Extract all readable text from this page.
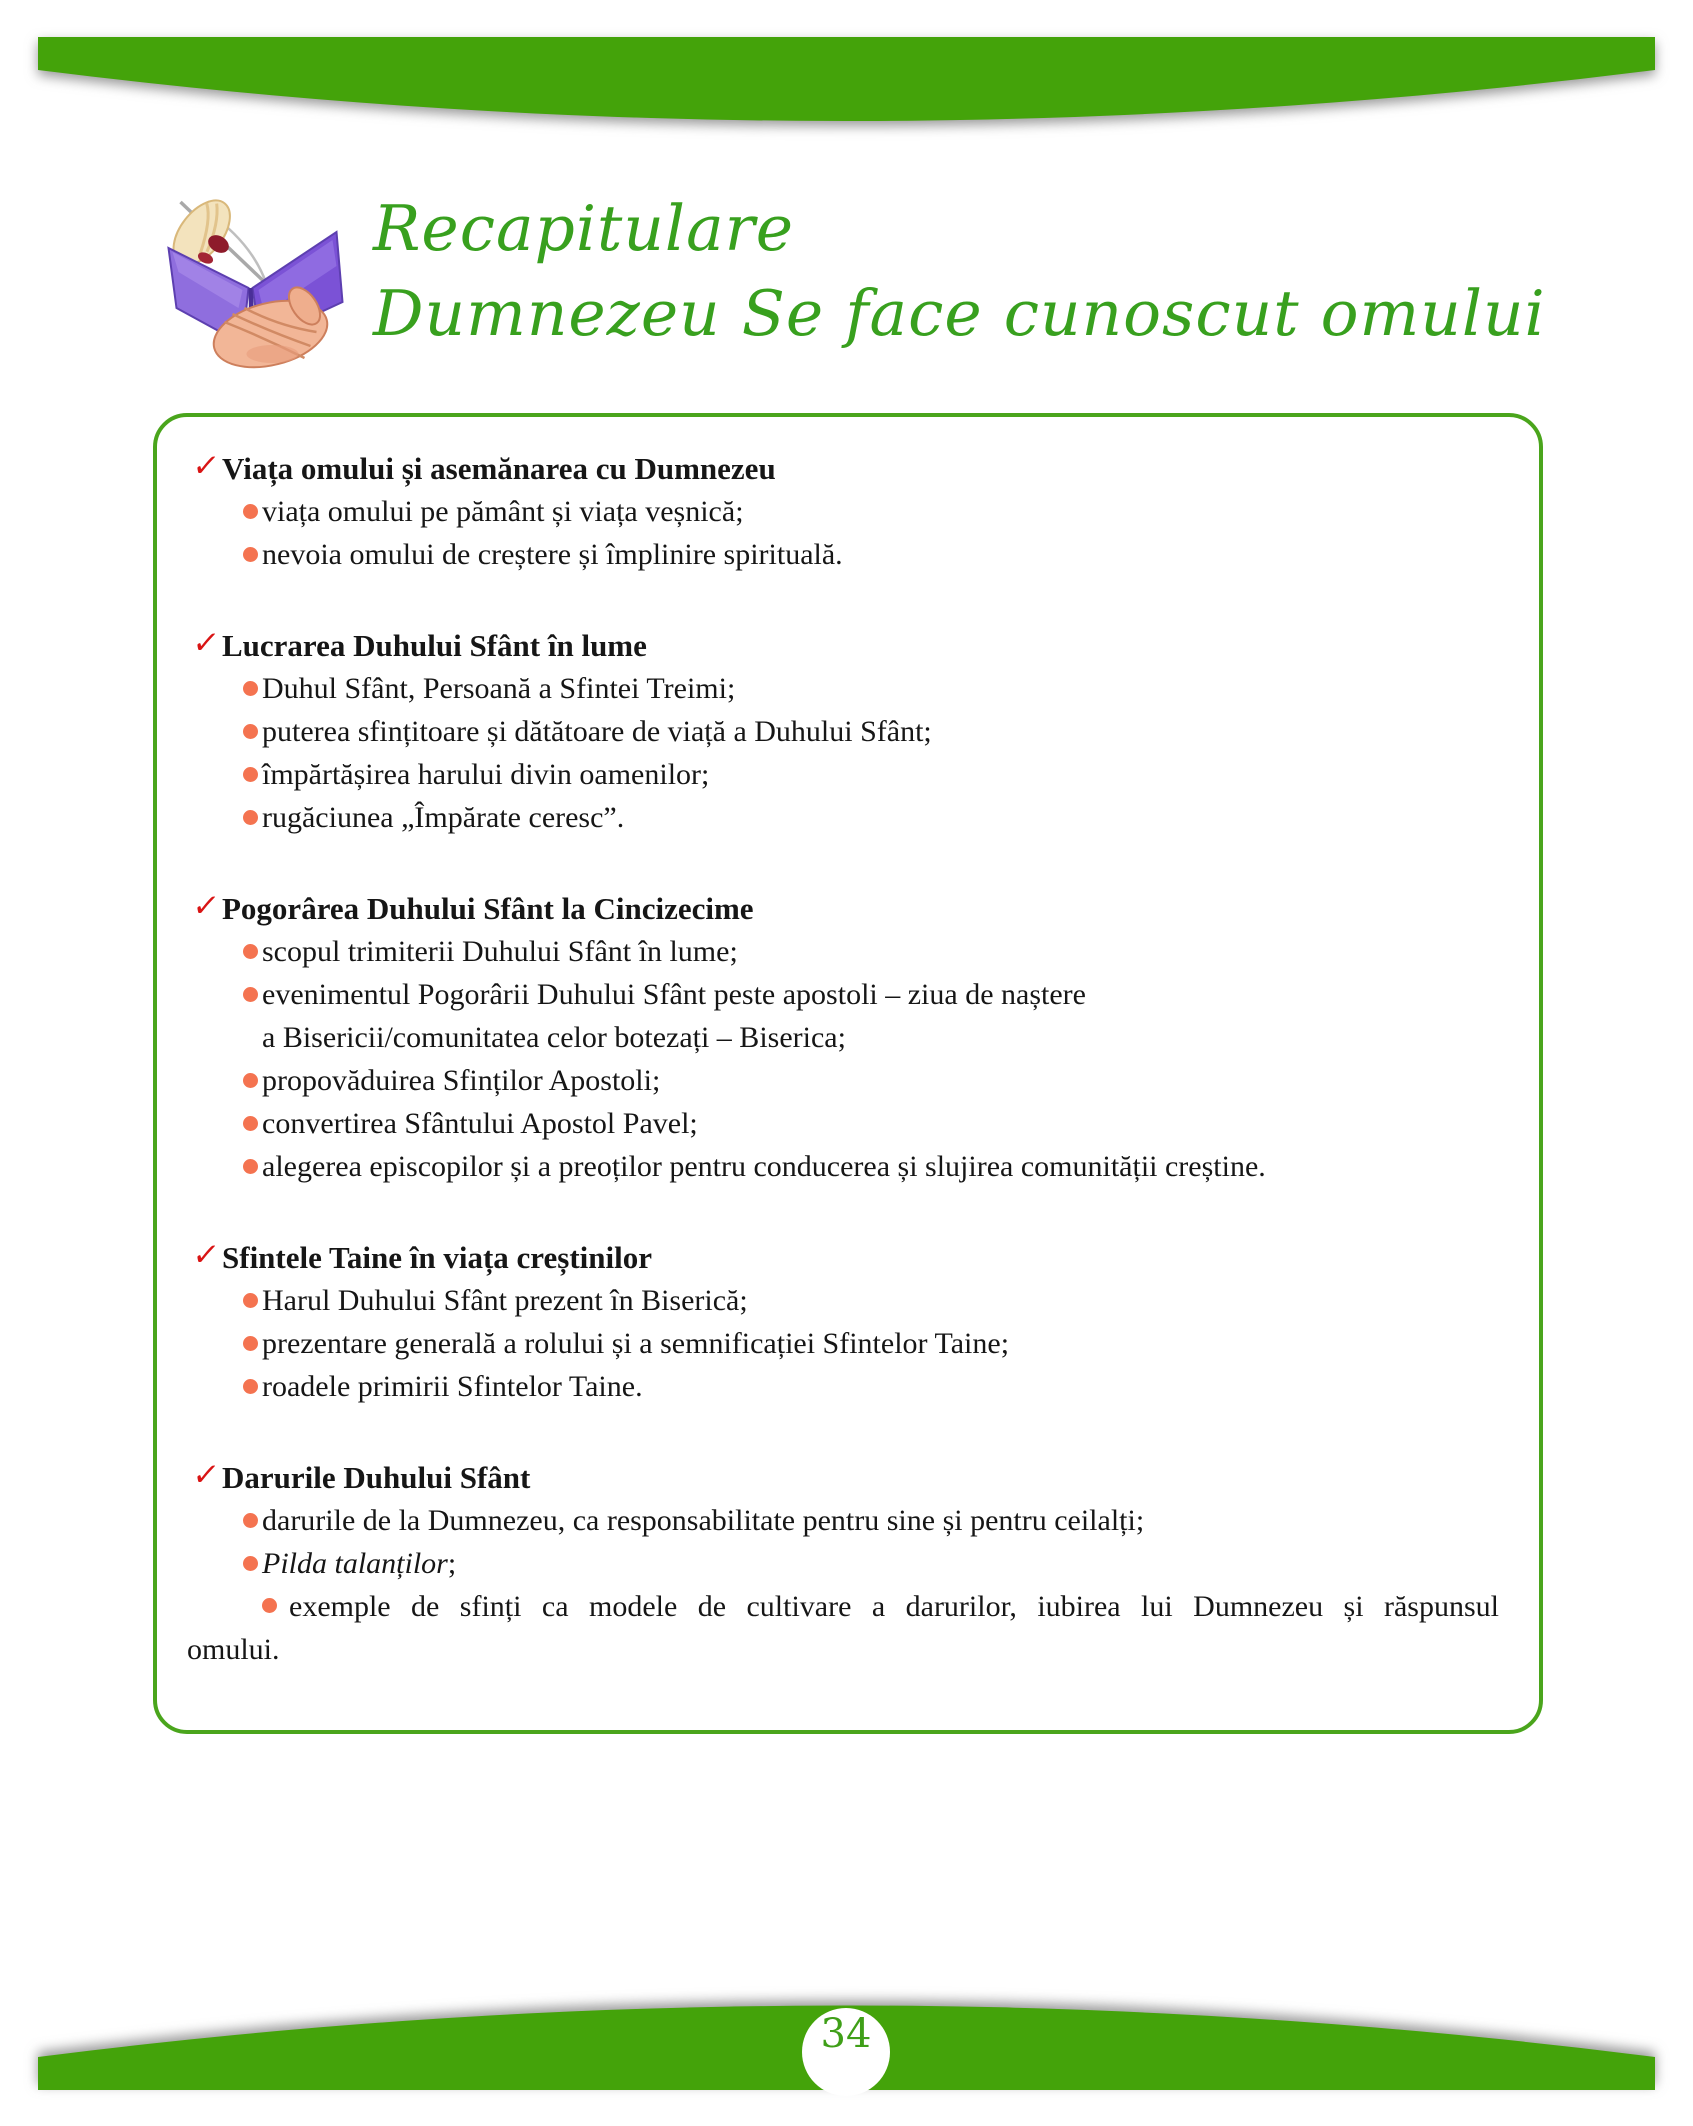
Recapitulare
Dumnezeu Se face cunoscut omului
✓ Viața omului și asemănarea cu Dumnezeu
viața omului pe pământ și viața veșnică;
nevoia omului de creștere și împlinire spirituală.
✓ Lucrarea Duhului Sfânt în lume
Duhul Sfânt, Persoană a Sfintei Treimi;
puterea sfințitoare și dătătoare de viață a Duhului Sfânt;
împărtășirea harului divin oamenilor;
rugăciunea „Împărate ceresc”.
✓ Pogorârea Duhului Sfânt la Cincizecime
scopul trimiterii Duhului Sfânt în lume;
evenimentul Pogorârii Duhului Sfânt peste apostoli – ziua de naștere
a Bisericii/comunitatea celor botezați – Biserica;
propovăduirea Sfinților Apostoli;
convertirea Sfântului Apostol Pavel;
alegerea episcopilor și a preoților pentru conducerea și slujirea comunității creștine.
✓ Sfintele Taine în viața creștinilor
Harul Duhului Sfânt prezent în Biserică;
prezentare generală a rolului și a semnificației Sfintelor Taine;
roadele primirii Sfintelor Taine.
✓ Darurile Duhului Sfânt
darurile de la Dumnezeu, ca responsabilitate pentru sine și pentru ceilalți;
Pilda talanților;
exemple de sfinți ca modele de cultivare a darurilor, iubirea lui Dumnezeu și răspunsul
omului.
34
